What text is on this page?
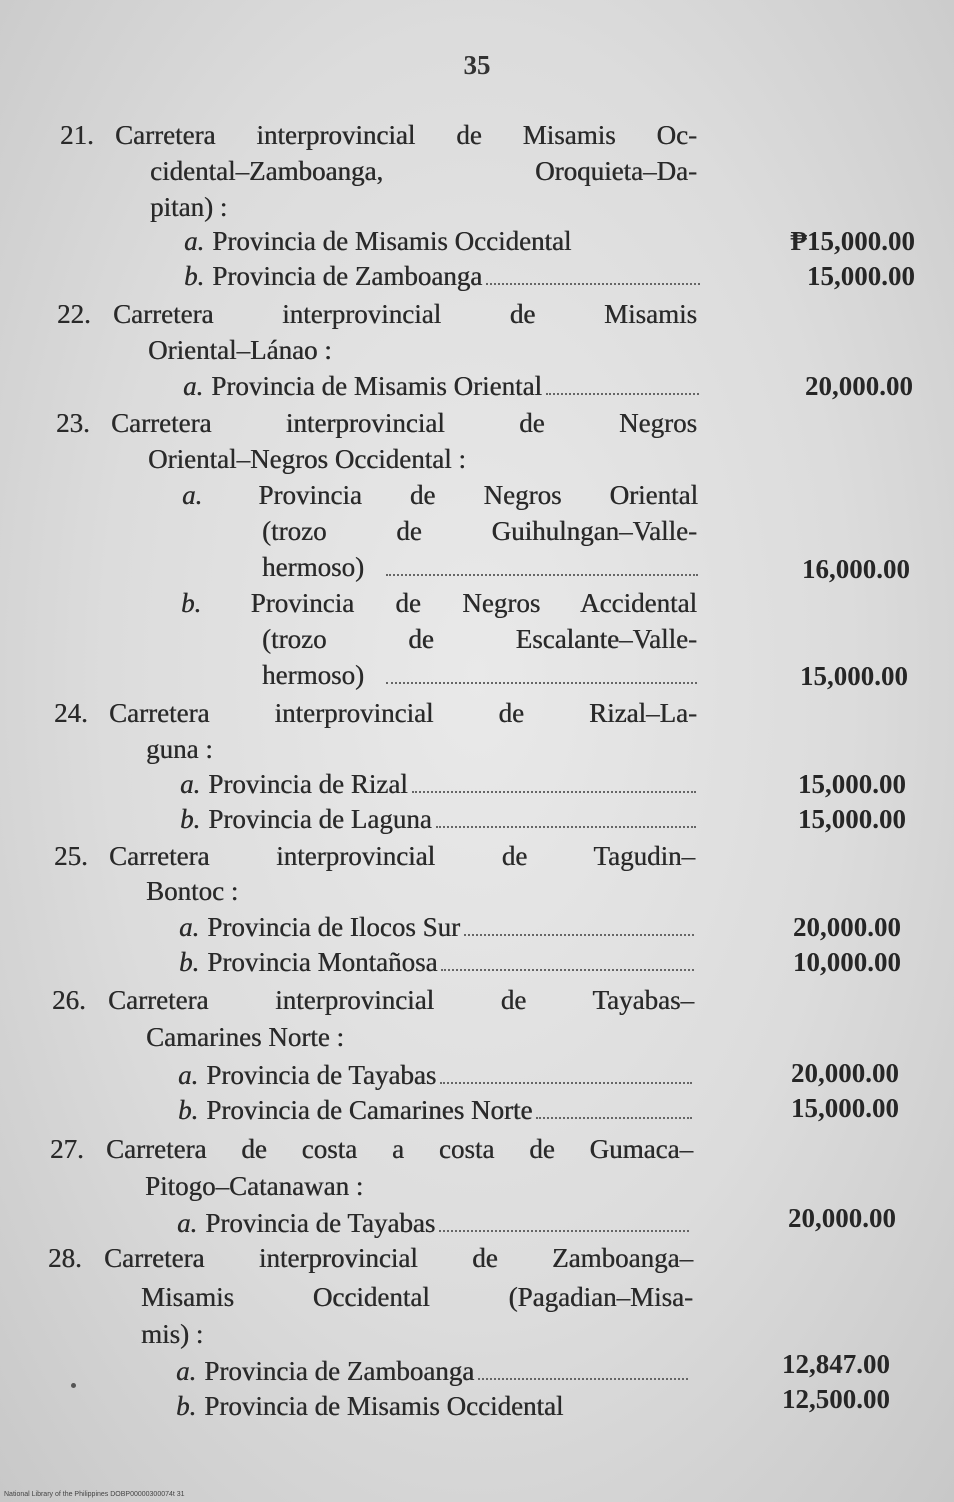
35
21. Carretera interprovincial de Misamis Oc-
cidental–Zamboanga, Oroquieta–Da-
pitan) :
a. Provincia de Misamis Occidental	₱15,000.00
b. Provincia de Zamboanga	15,000.00
22. Carretera interprovincial de Misamis
Oriental–Lánao :
a. Provincia de Misamis Oriental	20,000.00
23. Carretera interprovincial de Negros
Oriental–Negros Occidental :
a. Provincia de Negros Oriental
(trozo de Guihulngan–Valle-
hermoso)	16,000.00
b. Provincia de Negros Accidental
(trozo de Escalante–Valle-
hermoso)	15,000.00
24. Carretera interprovincial de Rizal–La-
guna :
a. Provincia de Rizal	15,000.00
b. Provincia de Laguna	15,000.00
25. Carretera interprovincial de Tagudin–
Bontoc :
a. Provincia de Ilocos Sur	20,000.00
b. Provincia Montañosa	10,000.00
26. Carretera interprovincial de Tayabas–
Camarines Norte :
a. Provincia de Tayabas	20,000.00
b. Provincia de Camarines Norte	15,000.00
27. Carretera de costa a costa de Gumaca–
Pitogo–Catanawan :
a. Provincia de Tayabas	20,000.00
28. Carretera interprovincial de Zamboanga–
Misamis Occidental (Pagadian–Misa-
mis) :
a. Provincia de Zamboanga	12,847.00
b. Provincia de Misamis Occidental	12,500.00
National Library of the Philippines DOBP00000300074t 31
